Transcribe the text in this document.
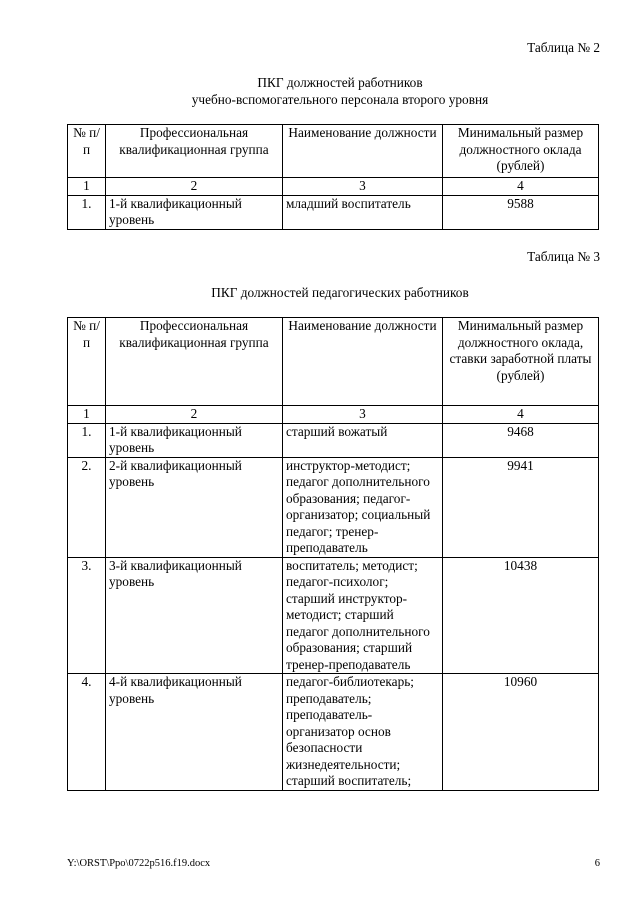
Таблица № 2
ПКГ должностей работников
учебно-вспомогательного персонала второго уровня
№ п/п	Профессиональная квалификационная группа	Наименование должности	Минимальный размер должностного оклада (рублей)
1	2	3	4
1.	1-й квалификационный уровень	младший воспитатель	9588
Таблица № 3
ПКГ должностей педагогических работников
№ п/п	Профессиональная квалификационная группа	Наименование должности	Минимальный размер должностного оклада, ставки заработной платы (рублей)
1	2	3	4
1.	1-й квалификационный уровень	старший вожатый	9468
2.	2-й квалификационный уровень	инструктор-методист; педагог дополнительного образования; педагог-организатор; социальный педагог; тренер-преподаватель	9941
3.	3-й квалификационный уровень	воспитатель; методист; педагог-психолог; старший инструктор-методист; старший педагог дополнительного образования; старший тренер-преподаватель	10438
4.	4-й квалификационный уровень	педагог-библиотекарь; преподаватель; преподаватель-организатор основ безопасности жизнедеятельности; старший воспитатель;	10960
Y:\ORST\Ppo\0722p516.f19.docx	6
